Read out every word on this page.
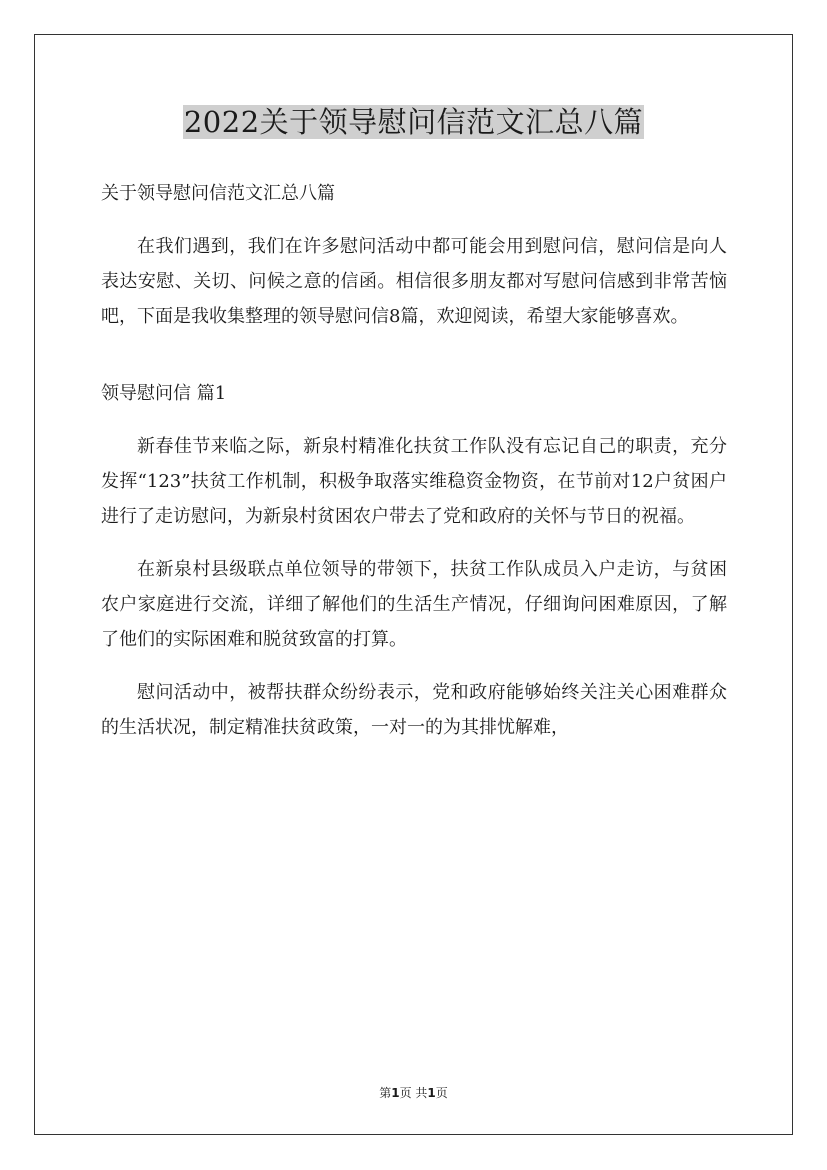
2022关于领导慰问信范文汇总八篇

关于领导慰问信范文汇总八篇

在我们遇到，我们在许多慰问活动中都可能会用到慰问信，慰问信是向人表达安慰、关切、问候之意的信函。相信很多朋友都对写慰问信感到非常苦恼吧，下面是我收集整理的领导慰问信8篇，欢迎阅读，希望大家能够喜欢。

领导慰问信 篇1

新春佳节来临之际，新泉村精准化扶贫工作队没有忘记自己的职责，充分发挥“123”扶贫工作机制，积极争取落实维稳资金物资，在节前对12户贫困户进行了走访慰问，为新泉村贫困农户带去了党和政府的关怀与节日的祝福。

在新泉村县级联点单位领导的带领下，扶贫工作队成员入户走访，与贫困农户家庭进行交流，详细了解他们的生活生产情况，仔细询问困难原因，了解了他们的实际困难和脱贫致富的打算。

慰问活动中，被帮扶群众纷纷表示，党和政府能够始终关注关心困难群众的生活状况，制定精准扶贫政策，一对一的为其排忧解难，

第1页 共1页
